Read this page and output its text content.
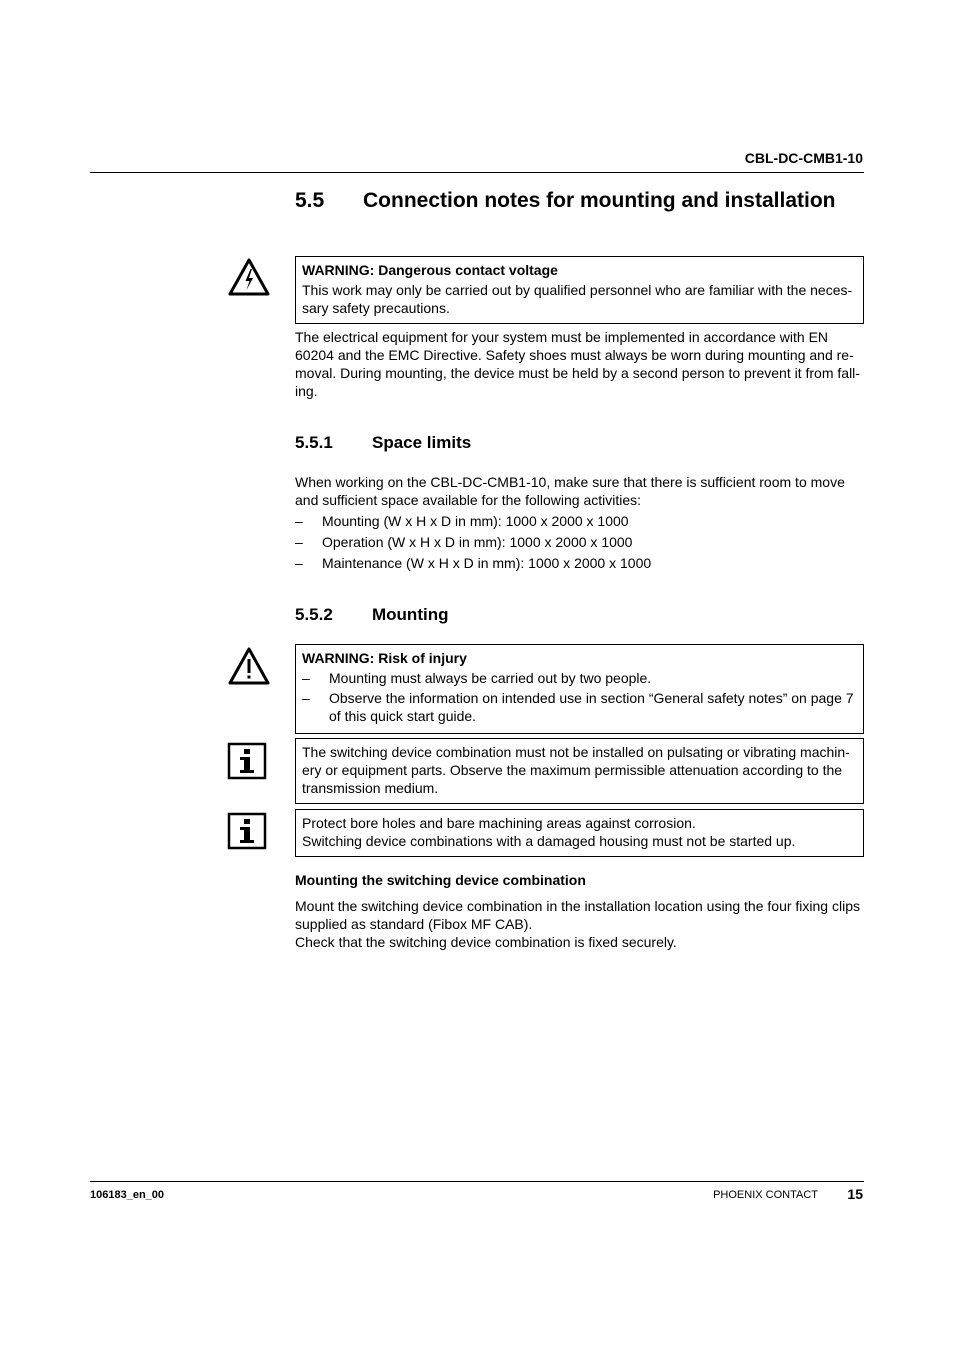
CBL-DC-CMB1-10
5.5 Connection notes for mounting and installation
WARNING: Dangerous contact voltage
This work may only be carried out by qualified personnel who are familiar with the neces-sary safety precautions.
The electrical equipment for your system must be implemented in accordance with EN 60204 and the EMC Directive. Safety shoes must always be worn during mounting and re-moval. During mounting, the device must be held by a second person to prevent it from fall-ing.
5.5.1 Space limits
When working on the CBL-DC-CMB1-10, make sure that there is sufficient room to move and sufficient space available for the following activities:
– Mounting (W x H x D in mm): 1000 x 2000 x 1000
– Operation (W x H x D in mm): 1000 x 2000 x 1000
– Maintenance (W x H x D in mm): 1000 x 2000 x 1000
5.5.2 Mounting
WARNING: Risk of injury
– Mounting must always be carried out by two people.
– Observe the information on intended use in section “General safety notes” on page 7 of this quick start guide.
The switching device combination must not be installed on pulsating or vibrating machin-ery or equipment parts. Observe the maximum permissible attenuation according to the transmission medium.
Protect bore holes and bare machining areas against corrosion.
Switching device combinations with a damaged housing must not be started up.
Mounting the switching device combination
Mount the switching device combination in the installation location using the four fixing clips supplied as standard (Fibox MF CAB).
Check that the switching device combination is fixed securely.
106183_en_00	PHOENIX CONTACT 15
